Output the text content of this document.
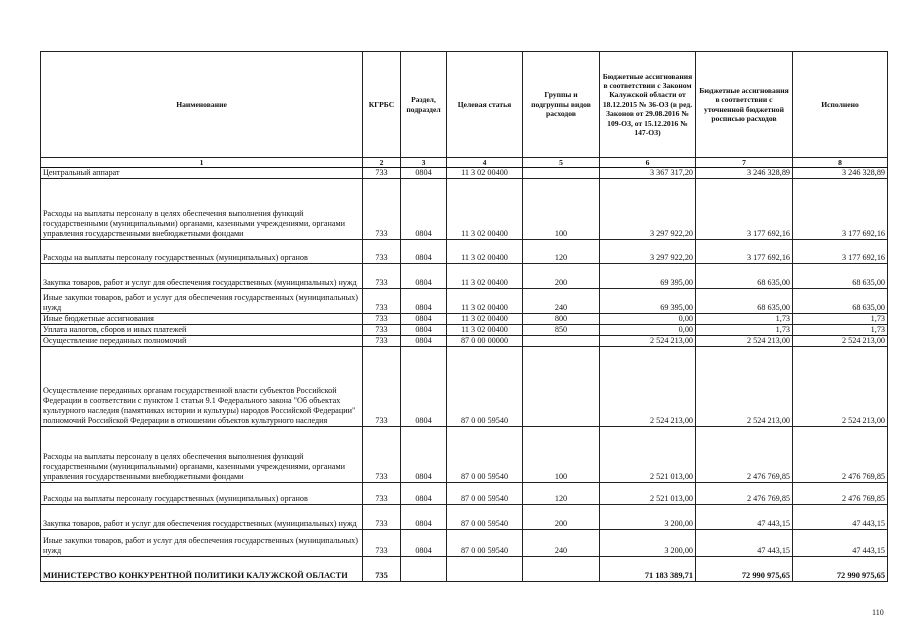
Наименование	КГРБС	Раздел, подраздел	Целевая статья	Группы и подгруппы видов расходов	Бюджетные ассигнования в соответствии с Законом Калужской области от 18.12.2015 № 36-ОЗ (в ред. Законов от 29.08.2016 № 109-ОЗ, от 15.12.2016 № 147-ОЗ)	Бюджетные ассигнования в соответствии с уточненной бюджетной росписью расходов	Исполнено
1	2	3	4	5	6	7	8
Центральный аппарат	733	0804	11 3 02 00400		3 367 317,20	3 246 328,89	3 246 328,89
Расходы на выплаты персоналу в целях обеспечения выполнения функций государственными (муниципальными) органами, казенными учреждениями, органами управления государственными внебюджетными фондами	733	0804	11 3 02 00400	100	3 297 922,20	3 177 692,16	3 177 692,16
Расходы на выплаты персоналу государственных (муниципальных) органов	733	0804	11 3 02 00400	120	3 297 922,20	3 177 692,16	3 177 692,16
Закупка товаров, работ и услуг для обеспечения государственных (муниципальных) нужд	733	0804	11 3 02 00400	200	69 395,00	68 635,00	68 635,00
Иные закупки товаров, работ и услуг для обеспечения государственных (муниципальных) нужд	733	0804	11 3 02 00400	240	69 395,00	68 635,00	68 635,00
Иные бюджетные ассигнования	733	0804	11 3 02 00400	800	0,00	1,73	1,73
Уплата налогов, сборов и иных платежей	733	0804	11 3 02 00400	850	0,00	1,73	1,73
Осуществление переданных полномочий	733	0804	87 0 00 00000		2 524 213,00	2 524 213,00	2 524 213,00
Осуществление переданных органам государственной власти субъектов Российской Федерации в соответствии с пунктом 1 статьи 9.1 Федерального закона "Об объектах культурного наследия (памятниках истории и культуры) народов Российской Федерации" полномочий Российской Федерации в отношении объектов культурного наследия	733	0804	87 0 00 59540		2 524 213,00	2 524 213,00	2 524 213,00
Расходы на выплаты персоналу в целях обеспечения выполнения функций государственными (муниципальными) органами, казенными учреждениями, органами управления государственными внебюджетными фондами	733	0804	87 0 00 59540	100	2 521 013,00	2 476 769,85	2 476 769,85
Расходы на выплаты персоналу государственных (муниципальных) органов	733	0804	87 0 00 59540	120	2 521 013,00	2 476 769,85	2 476 769,85
Закупка товаров, работ и услуг для обеспечения государственных (муниципальных) нужд	733	0804	87 0 00 59540	200	3 200,00	47 443,15	47 443,15
Иные закупки товаров, работ и услуг для обеспечения государственных (муниципальных) нужд	733	0804	87 0 00 59540	240	3 200,00	47 443,15	47 443,15
МИНИСТЕРСТВО КОНКУРЕНТНОЙ ПОЛИТИКИ КАЛУЖСКОЙ ОБЛАСТИ	735				71 183 389,71	72 990 975,65	72 990 975,65
110
